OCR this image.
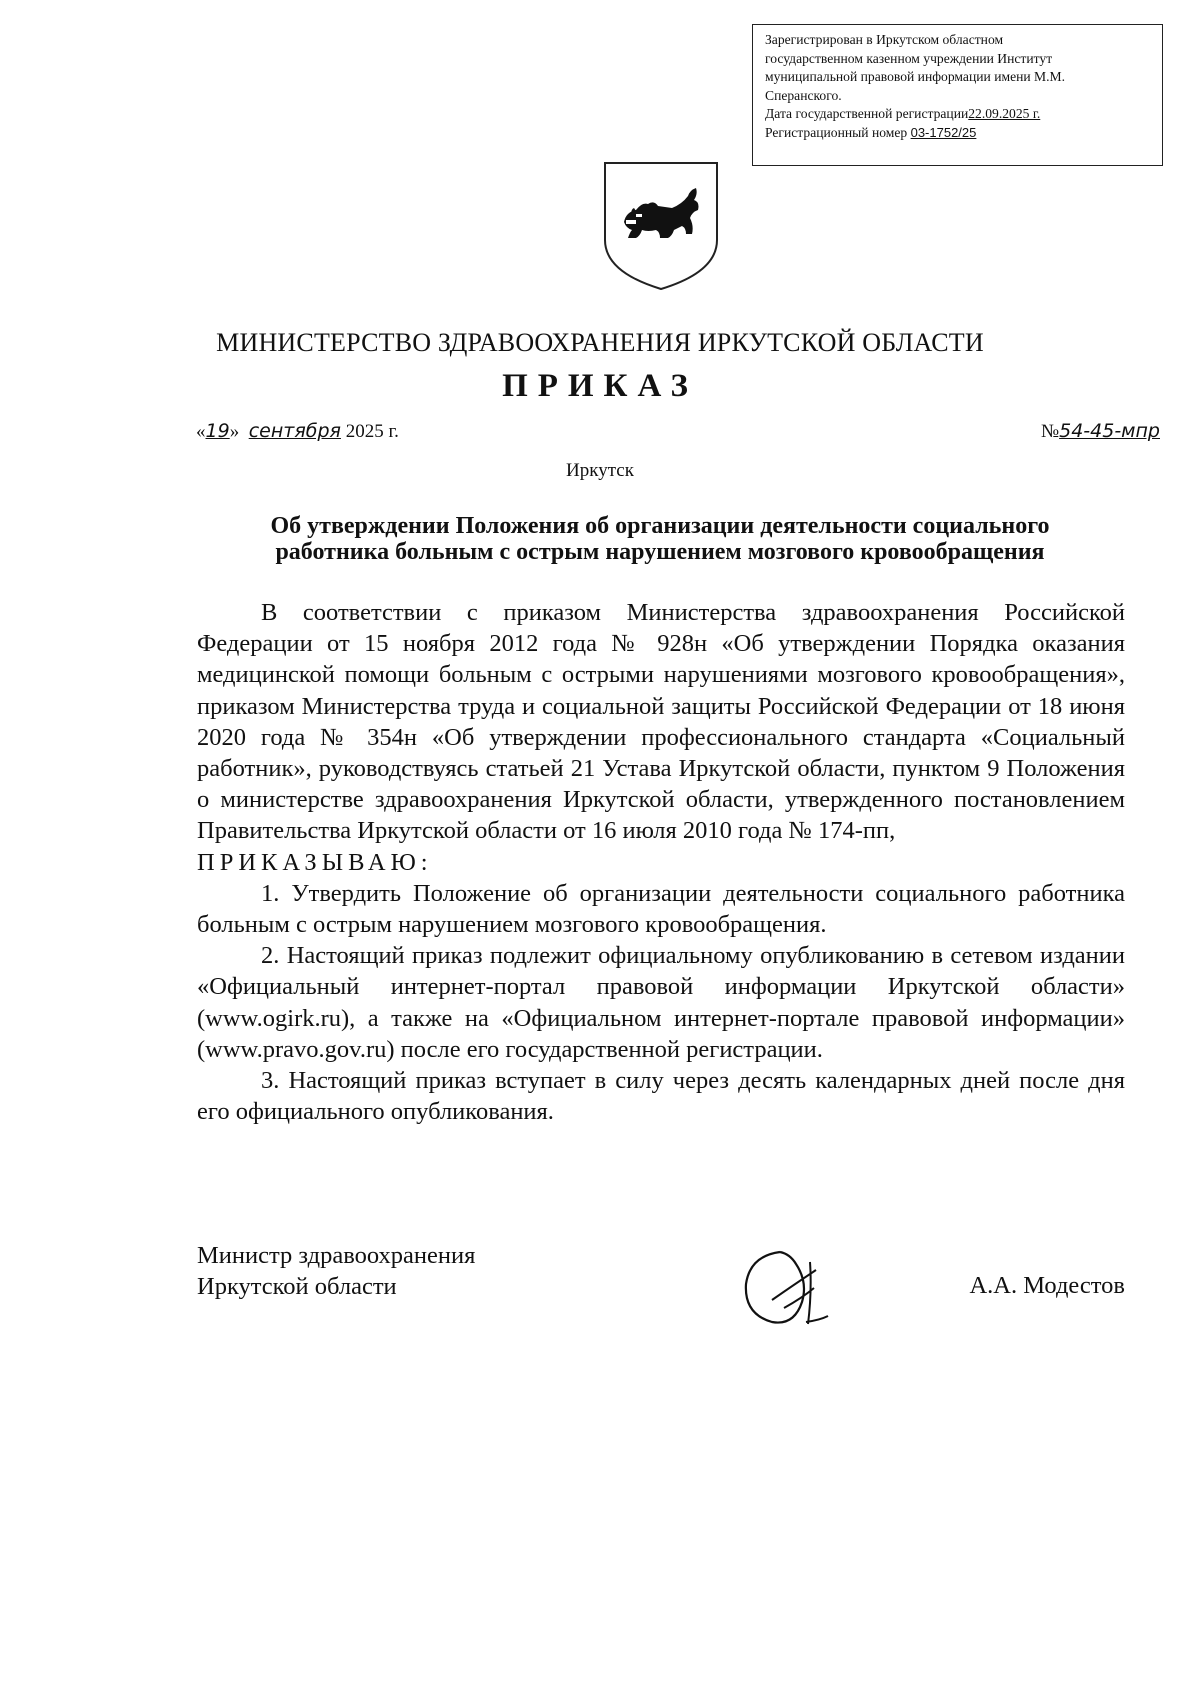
Зарегистрирован в Иркутском областном
государственном казенном учреждении Институт
муниципальной правовой информации имени М.М.
Сперанского.
Дата государственной регистрации22.09.2025 г.
Регистрационный номер 03-1752/25
МИНИСТЕРСТВО ЗДРАВООХРАНЕНИЯ ИРКУТСКОЙ ОБЛАСТИ
ПРИКАЗ
«19» сентября 2025 г.	№54-45-мпр
Иркутск
Об утверждении Положения об организации деятельности социального
работника больным с острым нарушением мозгового кровообращения

В соответствии с приказом Министерства здравоохранения Российской Федерации от 15 ноября 2012 года № 928н «Об утверждении Порядка оказания медицинской помощи больным с острыми нарушениями мозгового кровообращения», приказом Министерства труда и социальной защиты Российской Федерации от 18 июня 2020 года № 354н «Об утверждении профессионального стандарта «Социальный работник», руководствуясь статьей 21 Устава Иркутской области, пунктом 9 Положения о министерстве здравоохранения Иркутской области, утвержденного постановлением Правительства Иркутской области от 16 июля 2010 года № 174-пп,

ПРИКАЗЫВАЮ:

1. Утвердить Положение об организации деятельности социального работника больным с острым нарушением мозгового кровообращения.

2. Настоящий приказ подлежит официальному опубликованию в сетевом издании «Официальный интернет-портал правовой информации Иркутской области» (www.ogirk.ru), а также на «Официальном интернет-портале правовой информации» (www.pravo.gov.ru) после его государственной регистрации.

3. Настоящий приказ вступает в силу через десять календарных дней после дня его официального опубликования.

Министр здравоохранения
Иркутской области	А.А. Модестов
